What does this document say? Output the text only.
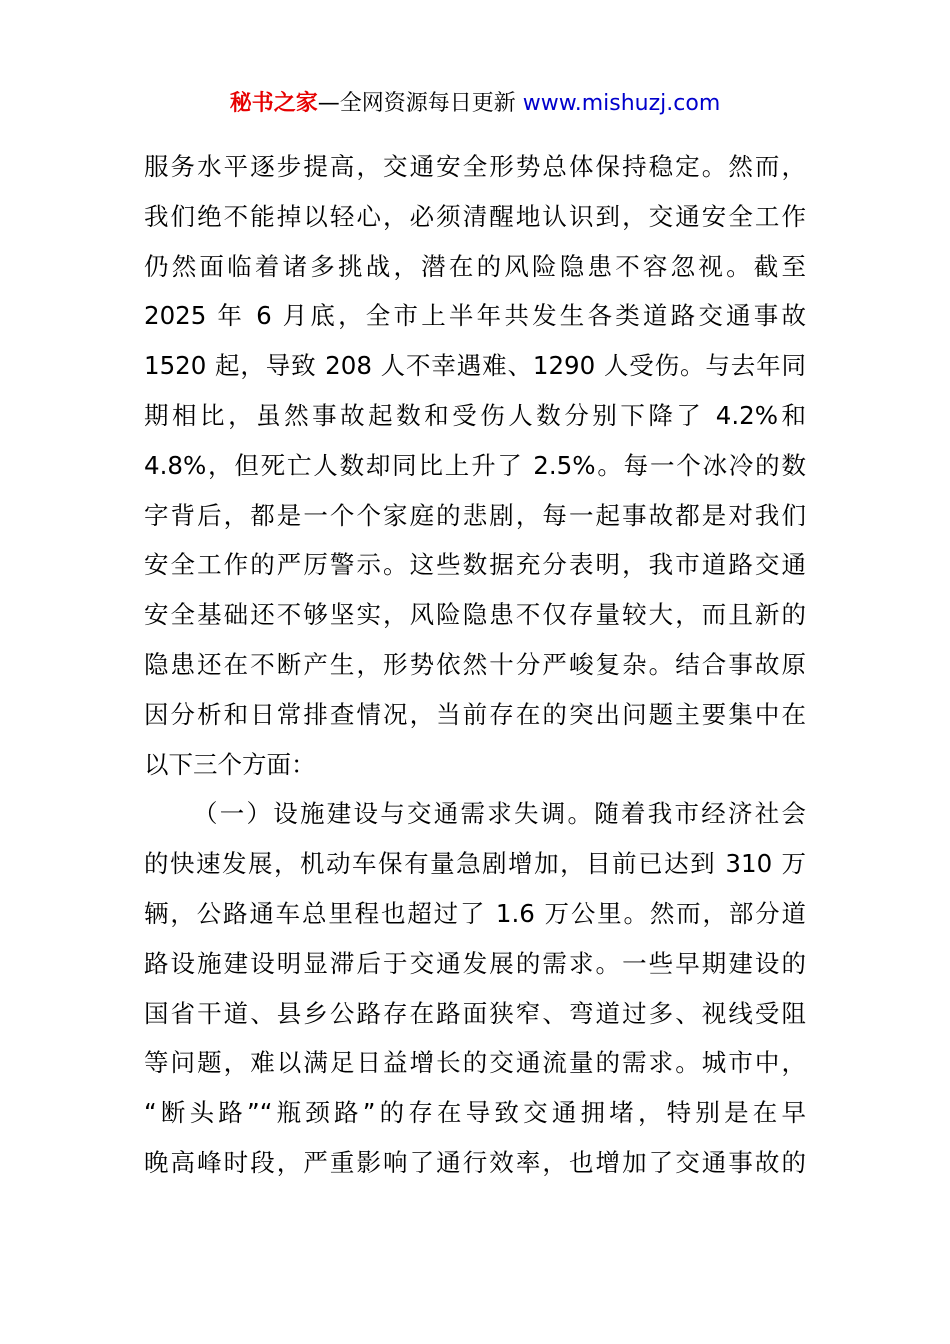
秘书之家—全网资源每日更新 www.mishuzj.com
服务水平逐步提高，交通安全形势总体保持稳定。然而，
我们绝不能掉以轻心，必须清醒地认识到，交通安全工作
仍然面临着诸多挑战，潜在的风险隐患不容忽视。截至
2025 年 6 月底，全市上半年共发生各类道路交通事故
1520 起，导致 208 人不幸遇难、1290 人受伤。与去年同
期相比，虽然事故起数和受伤人数分别下降了 4.2%和
4.8%，但死亡人数却同比上升了 2.5%。每一个冰冷的数
字背后，都是一个个家庭的悲剧，每一起事故都是对我们
安全工作的严厉警示。这些数据充分表明，我市道路交通
安全基础还不够坚实，风险隐患不仅存量较大，而且新的
隐患还在不断产生，形势依然十分严峻复杂。结合事故原
因分析和日常排查情况，当前存在的突出问题主要集中在
以下三个方面：
（一）设施建设与交通需求失调。随着我市经济社会
的快速发展，机动车保有量急剧增加，目前已达到 310 万
辆，公路通车总里程也超过了 1.6 万公里。然而，部分道
路设施建设明显滞后于交通发展的需求。一些早期建设的
国省干道、县乡公路存在路面狭窄、弯道过多、视线受阻
等问题，难以满足日益增长的交通流量的需求。城市中，
“断头路”“瓶颈路”的存在导致交通拥堵，特别是在早
晚高峰时段，严重影响了通行效率，也增加了交通事故的
